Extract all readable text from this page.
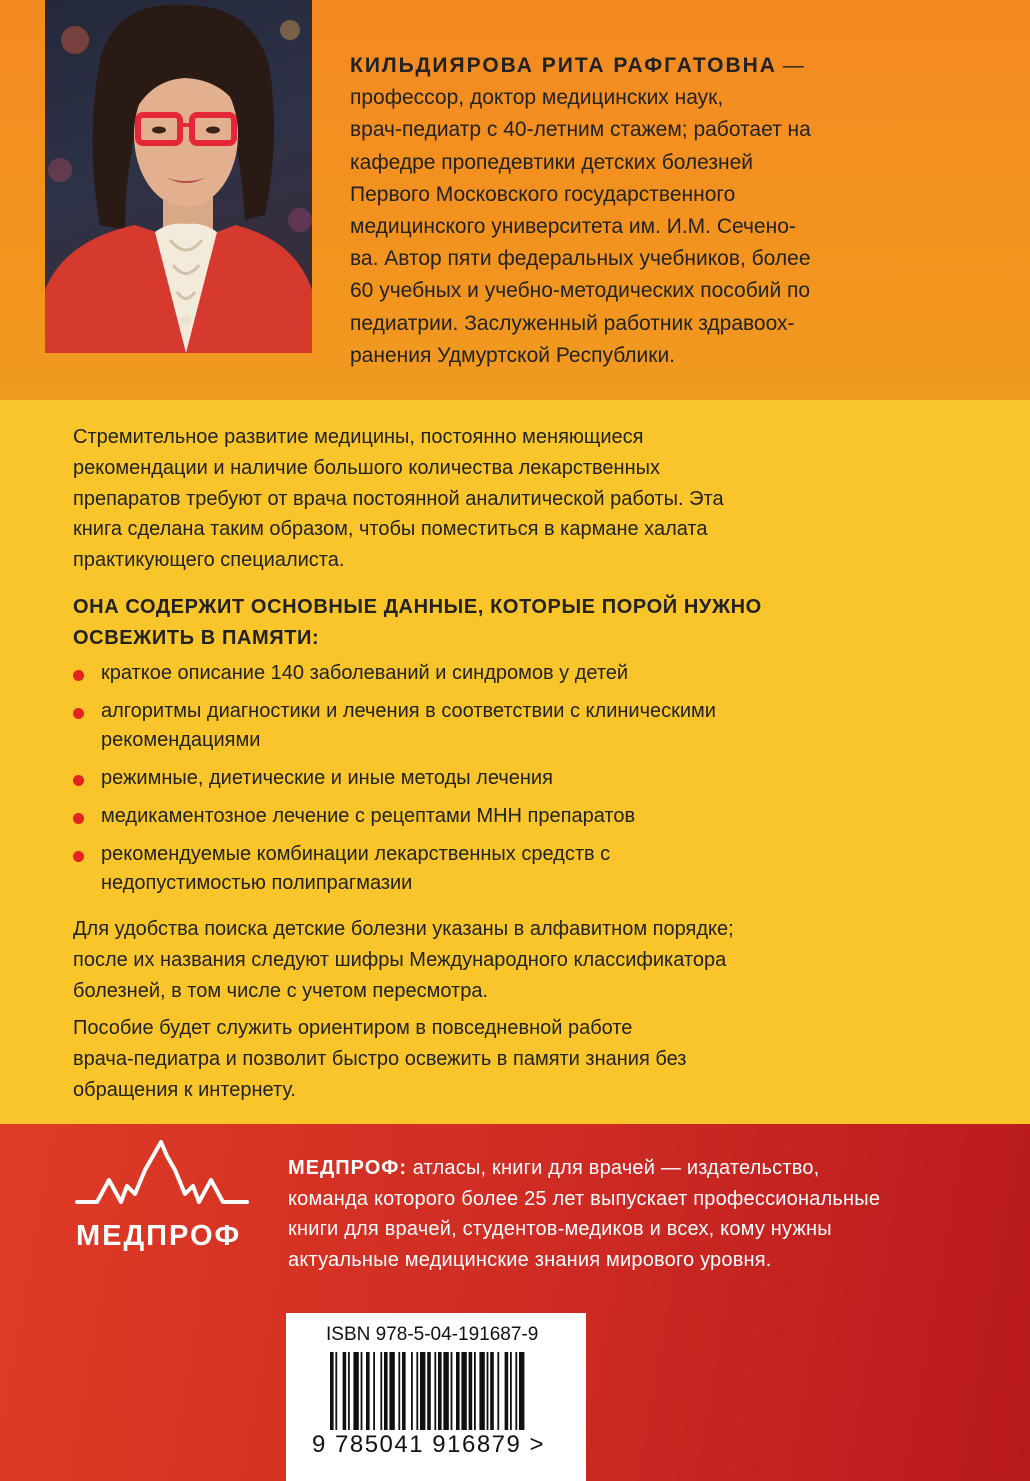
КИЛЬДИЯРОВА РИТА РАФГАТОВНА —
профессор, доктор медицинских наук,
врач-педиатр с 40-летним стажем; работает на
кафедре пропедевтики детских болезней
Первого Московского государственного
медицинского университета им. И.М. Сечено-
ва. Автор пяти федеральных учебников, более
60 учебных и учебно-методических пособий по
педиатрии. Заслуженный работник здравоох-
ранения Удмуртской Республики.
Стремительное развитие медицины, постоянно меняющиеся
рекомендации и наличие большого количества лекарственных
препаратов требуют от врача постоянной аналитической работы. Эта
книга сделана таким образом, чтобы поместиться в кармане халата
практикующего специалиста.
ОНА СОДЕРЖИТ ОСНОВНЫЕ ДАННЫЕ, КОТОРЫЕ ПОРОЙ НУЖНО
ОСВЕЖИТЬ В ПАМЯТИ:
краткое описание 140 заболеваний и синдромов у детей
алгоритмы диагностики и лечения в соответствии с клиническими
рекомендациями
режимные, диетические и иные методы лечения
медикаментозное лечение с рецептами МНН препаратов
рекомендуемые комбинации лекарственных средств с
недопустимостью полипрагмазии
Для удобства поиска детские болезни указаны в алфавитном порядке;
после их названия следуют шифры Международного классификатора
болезней, в том числе с учетом пересмотра.
Пособие будет служить ориентиром в повседневной работе
врача-педиатра и позволит быстро освежить в памяти знания без
обращения к интернету.
МЕДПРОФ
МЕДПРОФ: атласы, книги для врачей — издательство,
команда которого более 25 лет выпускает профессиональные
книги для врачей, студентов-медиков и всех, кому нужны
актуальные медицинские знания мирового уровня.
ISBN 978-5-04-191687-9
9 785041 916879 >
